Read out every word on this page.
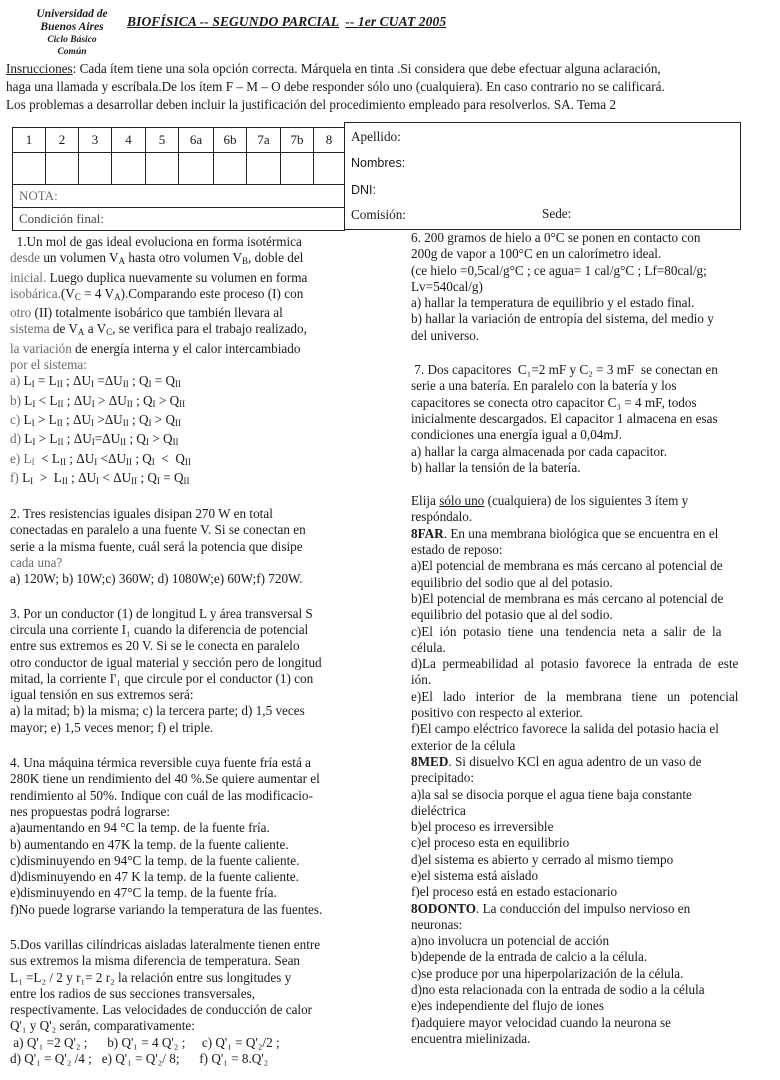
Universidad de
Buenos Aires
Ciclo Básico
Común
BIOFÍSICA -- SEGUNDO PARCIAL -- 1er CUAT 2005

Insrucciones: Cada ítem tiene una sola opción correcta. Márquela en tinta .Si considera que debe efectuar alguna aclaración,

haga una llamada y escríbala.De los ítem F – M – O debe responder sólo uno (cualquiera). En caso contrario no se calificará.

Los problemas a desarrollar deben incluir la justificación del procedimiento empleado para resolverlos. SA. Tema 2

1	2	3	4	5	6a	6b	7a	7b	8

NOTA:									
Condición final:									
Apellido:
Nombres:
DNI:
Comisión:	Sede:

1.Un mol de gas ideal evoluciona en forma isotérmica

desde un volumen $V_A$ hasta otro volumen $V_B$, doble del

inicial. Luego duplica nuevamente su volumen en forma

$isobárica.(V_C = 4$ $V_A).Comparando$ este proceso (I) con

otro (II) totalmente isobárico que también llevara al

sistema de $V_A$ a $V_C$, se verifica para el trabajo realizado,

la variación de energía interna y el calor intercambiado

por el sistema:

a) $L_I = L_{II}$ ; $\Delta U_I =\Delta U_{II}$ ; $Q_I = Q_{II}$

b) $L_I < L_{II}$ ; $\Delta U_I > \Delta U_{II}$ ; $Q_I > Q_{II}$

c) $L_I > L_{II}$ ; $\Delta U_I >\Delta U_{II}$ ; $Q_I > Q_{II}$

d) $L_I > L_{II}$ ; $\Delta U_I=\Delta U_{II}$ ; $Q_I > Q_{II}$

e) $L_I < L_{II}$ ; $\Delta U_I <\Delta U_{II}$ ; $Q_I < Q_{II}$

f) $L_I > L_{II}$ ; $\Delta U_I < \Delta U_{II}$ ; $Q_I = Q_{II}$

2. Tres resistencias iguales disipan 270 W en total

conectadas en paralelo a una fuente V. Si se conectan en

serie a la misma fuente, cuál será la potencia que disipe

cada una?

a) 120W; b) 10W;c) 360W; d) 1080W;e) 60W;f) 720W.

3. Por un conductor (1) de longitud L y área transversal S

circula una corriente I₁ cuando la diferencia de potencial

entre sus extremos es 20 V. Si se le conecta en paralelo

otro conductor de igual material y sección pero de longitud

mitad, la corriente I'₁ que circule por el conductor (1) con

igual tensión en sus extremos será:

a) la mitad; b) la misma; c) la tercera parte; d) 1,5 veces

mayor; e) 1,5 veces menor; f) el triple.

4. Una máquina térmica reversible cuya fuente fría está a

280K tiene un rendimiento del 40 %.Se quiere aumentar el

rendimiento al 50%. Indique con cuál de las modificacio-

nes propuestas podrá lograrse:

a)aumentando en 94 °C la temp. de la fuente fría.

b) aumentando en 47K la temp. de la fuente caliente.

c)disminuyendo en 94°C la temp. de la fuente caliente.

d)disminuyendo en 47 K la temp. de la fuente caliente.

e)disminuyendo en 47°C la temp. de la fuente fría.

f)No puede lograrse variando la temperatura de las fuentes.

5.Dos varillas cilíndricas aisladas lateralmente tienen entre

sus extremos la misma diferencia de temperatura. Sean

L₁ =L₂ / 2 y r₁= 2 r₂ la relación entre sus longitudes y

entre los radios de sus secciones transversales,

respectivamente. Las velocidades de conducción de calor

Q'₁ y Q'₂ serán, comparativamente:

a) Q'₁ =2 Q'₂ ;      b) Q'₁ = 4 Q'₂ ;     c) Q'₁ = Q'₂/2 ;

d) Q'₁ = Q'₂ /4 ;   e) Q'₁ = Q'₂/ 8;      f) Q'₁ = 8.Q'₂

6. 200 gramos de hielo a 0°C se ponen en contacto con

200g de vapor a 100°C en un calorímetro ideal.

(ce hielo =0,5cal/g°C ; ce agua= 1 cal/g°C ; Lf=80cal/g;

Lv=540cal/g)

a) hallar la temperatura de equilibrio y el estado final.

b) hallar la variación de entropía del sistema, del medio y

del universo.

7. Dos capacitores  C₁=2 mF y C₂ = 3 mF  se conectan en

serie a una batería. En paralelo con la batería y los

capacitores se conecta otro capacitor C₃ = 4 mF, todos

inicialmente descargados. El capacitor 1 almacena en esas

condiciones una energía igual a 0,04mJ.

a) hallar la carga almacenada por cada capacitor.

b) hallar la tensión de la batería.

Elija sólo uno (cualquiera) de los siguientes 3 ítem y

respóndalo.

8FAR. En una membrana biológica que se encuentra en el

estado de reposo:

a)El potencial de membrana es más cercano al potencial de

equilibrio del sodio que al del potasio.

b)El potencial de membrana es más cercano al potencial de

equilibrio del potasio que al del sodio.

c)El  ión  potasio  tiene  una  tendencia  neta  a  salir  de  la

célula.

d)La  permeabilidad  al  potasio  favorece  la  entrada  de  este

ión.

e)El   lado   interior   de   la   membrana   tiene   un   potencial

positivo con respecto al exterior.

f)El campo eléctrico favorece la salida del potasio hacia el

exterior de la célula

8MED. Si disuelvo KCl en agua adentro de un vaso de

precipitado:

a)la sal se disocia porque el agua tiene baja constante

dieléctrica

b)el proceso es irreversible

c)el proceso esta en equilibrio

d)el sistema es abierto y cerrado al mismo tiempo

e)el sistema está aislado

f)el proceso está en estado estacionario

8ODONTO. La conducción del impulso nervioso en

neuronas:

a)no involucra un potencial de acción

b)depende de la entrada de calcio a la célula.

c)se produce por una hiperpolarización de la célula.

d)no esta relacionada con la entrada de sodio a la célula

e)es independiente del flujo de iones

f)adquiere mayor velocidad cuando la neurona se

encuentra mielinizada.
